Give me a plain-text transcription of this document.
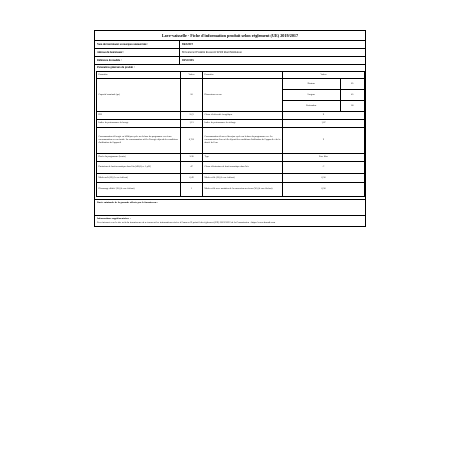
Lave-vaisselle - Fiche d'information produit selon règlement (UE) 2019/2017
Nom du fournisseur ou marque commerciale :	BRANDT
Adresse du fournisseur :	89 boulevard Franklin Roosevelt 92500 Rueil Malmaison
Référence du modèle :	DFS1010X
Paramètres généraux du produit :
Paramètre	Valeur	Paramètre	Valeur
Capacité nominale (ps)	10	Dimensions en cm	
Hauteur	85
Largeur	45
Profondeur	60

IEE	55,9	Classe d'efficacité énergétique	E
Indice de performance de lavage	1,13	Indice de performance de séchage	1,07
Consommation d'énergie en kWh/par cycle sur la base du programme eco à une consommation en eau froide. La consommation réelle d'énergie dépend des conditions d'utilisation de l'appareil	0,755	Consommation d'eau en litres/par cycle sur la base du programme eco. La consommation d'eau réelle dépend des conditions d'utilisation de l'appareil et de la dureté de l'eau	9
Durée du programme (h:min)	3:30	Type	Pose libre
Émissions de bruit acoustique dans l'air [dB(A) re 1 pW]	47	Classe d'émissions de bruit acoustique dans l'air	C
Mode arrêt (W) (le cas échéant)	0,49	Mode veille (W) (le cas échéant)	0,50
Démarrage différé (W) (le cas échéant)	1	Mode veille avec maintien de la connexion au réseau (W) (le cas échéant)	0,50
Durée minimale de la garantie offerte par le fournisseur :
Informations supplémentaires :
Lien internet vers le site web du fournisseur où se trouvent les informations visées à l'annexe II point 6 du règlement (UE) 2019/2022 de la Commission : https://www.brandt.com
